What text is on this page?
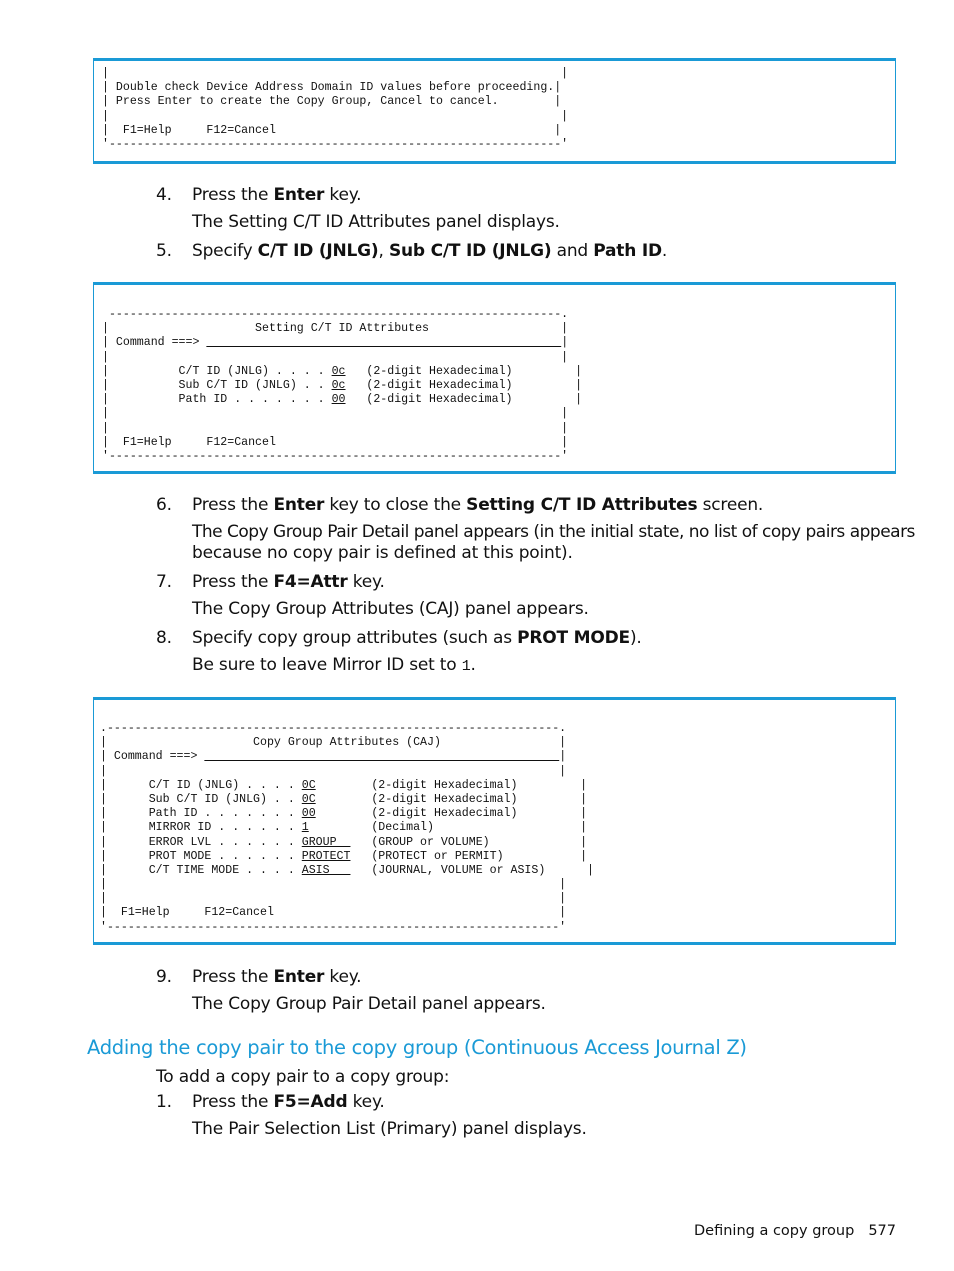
|                                                                 |
| Double check Device Address Domain ID values before proceeding.|
| Press Enter to create the Copy Group, Cancel to cancel.        |
|                                                                 |
|  F1=Help     F12=Cancel                                        |
'-----------------------------------------------------------------'
4. Press the Enter key.
The Setting C/T ID Attributes panel displays.
5. Specify C/T ID (JNLG), Sub C/T ID (JNLG) and Path ID.
-----------------------------------------------------------------.
|                     Setting C/T ID Attributes                   |
| Command ===>	|
|                                                                 |
|          C/T ID (JNLG) . . . . 0c   (2-digit Hexadecimal)         |
|          Sub C/T ID (JNLG) . . 0c   (2-digit Hexadecimal)         |
|          Path ID . . . . . . . 00   (2-digit Hexadecimal)         |
|                                                                 |
|                                                                 |
|  F1=Help     F12=Cancel                                         |
'-----------------------------------------------------------------'
6. Press the Enter key to close the Setting C/T ID Attributes screen.
The Copy Group Pair Detail panel appears (in the initial state, no list of copy pairs appears
because no copy pair is defined at this point).
7. Press the F4=Attr key.
The Copy Group Attributes (CAJ) panel appears.
8. Specify copy group attributes (such as PROT MODE).
Be sure to leave Mirror ID set to 1.
.-----------------------------------------------------------------.
|                     Copy Group Attributes (CAJ)                 |
| Command ===>	|
|                                                                 |
|      C/T ID (JNLG) . . . . 0C	(2-digit Hexadecimal)         |
|      Sub C/T ID (JNLG) . . 0C	(2-digit Hexadecimal)         |
|      Path ID . . . . . . . 00	(2-digit Hexadecimal)         |
|      MIRROR ID . . . . . . 1	(Decimal)                     |
|      ERROR LVL . . . . . . GROUP     (GROUP or VOLUME)             |
|      PROT MODE . . . . . . PROTECT   (PROTECT or PERMIT)           |
|      C/T TIME MODE . . . . ASIS      (JOURNAL, VOLUME or ASIS)      |
|                                                                 |
|                                                                 |
|  F1=Help     F12=Cancel                                         |
'-----------------------------------------------------------------'
9. Press the Enter key.
The Copy Group Pair Detail panel appears.
Adding the copy pair to the copy group (Continuous Access Journal Z)
To add a copy pair to a copy group:
1. Press the F5=Add key.
The Pair Selection List (Primary) panel displays.
Defining a copy group 577
